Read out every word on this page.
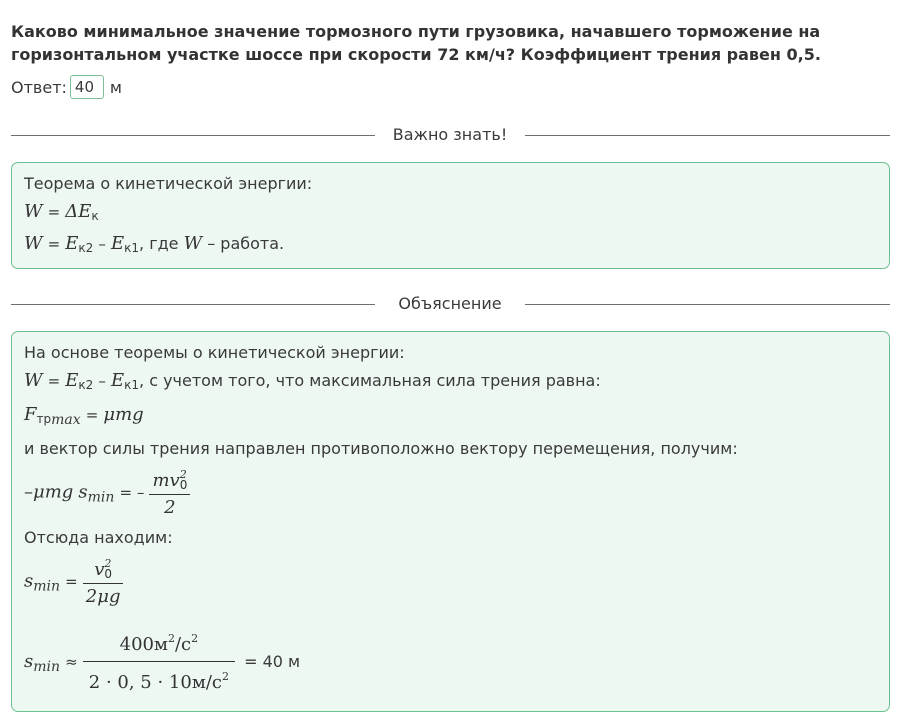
Каково минимальное значение тормозного пути грузовика, начавшего торможение на горизонтальном участке шоссе при скорости 72 км/ч? Коэффициент трения равен 0,5.
Ответ:
40	м
Важно знать!
Теорема о кинетической энергии:
$W = \Delta E_к$
$W = E_{к2} - E_{к1}$, где W – работа.
Объяснение
На основе теоремы о кинетической энергии:
$W = E_{к2} - E_{к1}$, с учетом того, что максимальная сила трения равна:
$F_{тр}\max = \mu mg$
и вектор силы трения направлен противоположно вектору перемещения, получим:
–μmg smin = – $\frac{mv^2_0}{2}$
Отсюда находим:
$smin = \frac{v^2_0}{2\mu g}$
$smin \approx \frac{400м^2/с^2}{2 \cdot 0, 5 \cdot 10м/с^2} = 40$ м
